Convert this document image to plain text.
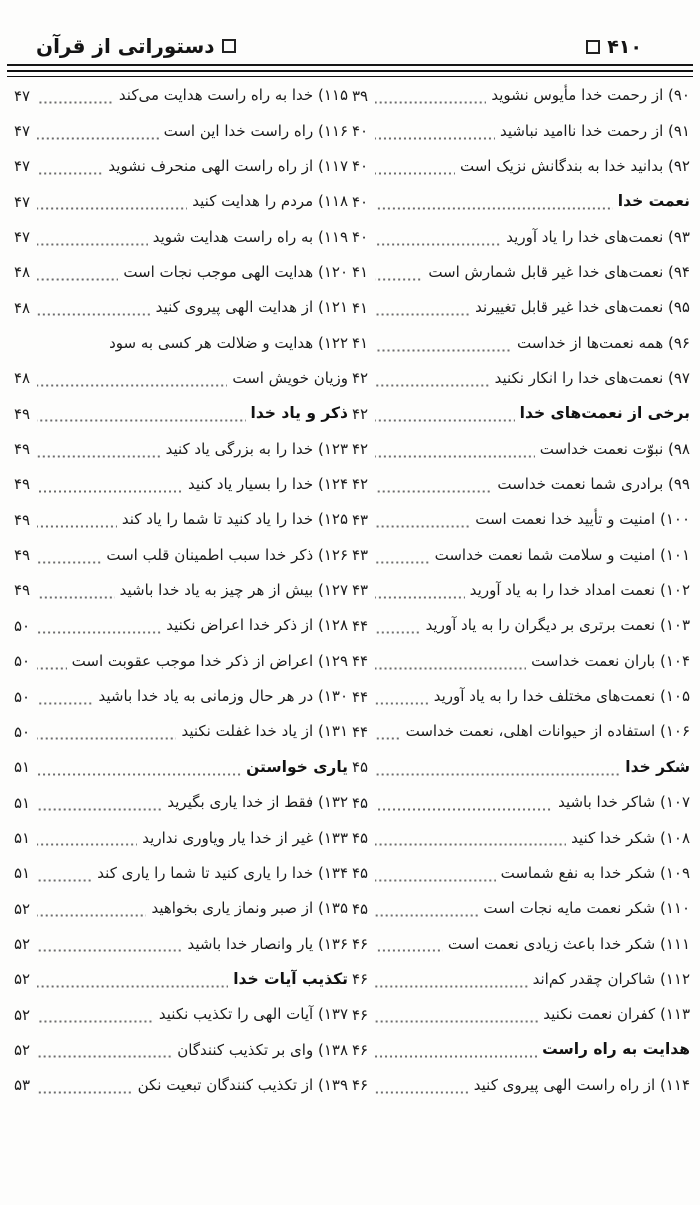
دستوراتی از قرآن	۴۱۰
۹۰) از رحمت خدا مأیوس نشوید
۳۹
۹۱) از رحمت خدا ناامید نباشید
۴۰
۹۲) بدانید خدا به بندگانش نزیک است
۴۰
نعمت خدا
۴۰
۹۳) نعمت‌های خدا را یاد آورید
۴۰
۹۴) نعمت‌های خدا غیر قابل شمارش است
۴۱
۹۵) نعمت‌های خدا غیر قابل تغییرند
۴۱
۹۶) همه نعمت‌ها از خداست
۴۱
۹۷) نعمت‌های خدا را انکار نکنید
۴۲
برخی از نعمت‌های خدا
۴۲
۹۸) نبوّت نعمت خداست
۴۲
۹۹) برادری شما نعمت خداست
۴۲
۱۰۰) امنیت و تأیید خدا نعمت است
۴۳
۱۰۱) امنیت و سلامت شما نعمت خداست
۴۳
۱۰۲) نعمت امداد خدا را به یاد آورید
۴۳
۱۰۳) نعمت برتری بر دیگران را به یاد آورید
۴۴
۱۰۴) باران نعمت خداست
۴۴
۱۰۵) نعمت‌های مختلف خدا را به یاد آورید
۴۴
۱۰۶) استفاده از حیوانات اهلی، نعمت خداست
۴۴
شکر خدا
۴۵
۱۰۷) شاکر خدا باشید
۴۵
۱۰۸) شکر خدا کنید
۴۵
۱۰۹) شکر خدا به نفع شماست
۴۵
۱۱۰) شکر نعمت مایه نجات است
۴۵
۱۱۱) شکر خدا باعث زیادی نعمت است
۴۶
۱۱۲) شاکران چقدر کم‌اند
۴۶
۱۱۳) کفران نعمت نکنید
۴۶
هدایت به راه راست
۴۶
۱۱۴) از راه راست الهی پیروی کنید
۴۶
۱۱۵) خدا به راه راست هدایت می‌کند
۴۷
۱۱۶) راه راست خدا این است
۴۷
۱۱۷) از راه راست الهی منحرف نشوید
۴۷
۱۱۸) مردم را هدایت کنید
۴۷
۱۱۹) به راه راست هدایت شوید
۴۷
۱۲۰) هدایت الهی موجب نجات است
۴۸
۱۲۱) از هدایت الهی پیروی کنید
۴۸
۱۲۲) هدایت و ضلالت هر کسی به سود
وزیان خویش است
۴۸
ذکر و یاد خدا
۴۹
۱۲۳) خدا را به بزرگی یاد کنید
۴۹
۱۲۴) خدا را بسیار یاد کنید
۴۹
۱۲۵) خدا را یاد کنید تا شما را یاد کند
۴۹
۱۲۶) ذکر خدا سبب اطمینان قلب است
۴۹
۱۲۷) بیش از هر چیز به یاد خدا باشید
۴۹
۱۲۸) از ذکر خدا اعراض نکنید
۵۰
۱۲۹) اعراض از ذکر خدا موجب عقوبت است
۵۰
۱۳۰) در هر حال وزمانی به یاد خدا باشید
۵۰
۱۳۱) از یاد خدا غفلت نکنید
۵۰
یاری خواستن
۵۱
۱۳۲) فقط از خدا یاری بگیرید
۵۱
۱۳۳) غیر از خدا یار ویاوری ندارید
۵۱
۱۳۴) خدا را یاری کنید تا شما را یاری کند
۵۱
۱۳۵) از صبر ونماز یاری بخواهید
۵۲
۱۳۶) یار وانصار خدا باشید
۵۲
تکذیب آیات خدا
۵۲
۱۳۷) آیات الهی را تکذیب نکنید
۵۲
۱۳۸) وای بر تکذیب کنندگان
۵۲
۱۳۹) از تکذیب کنندگان تبعیت نکن
۵۳
